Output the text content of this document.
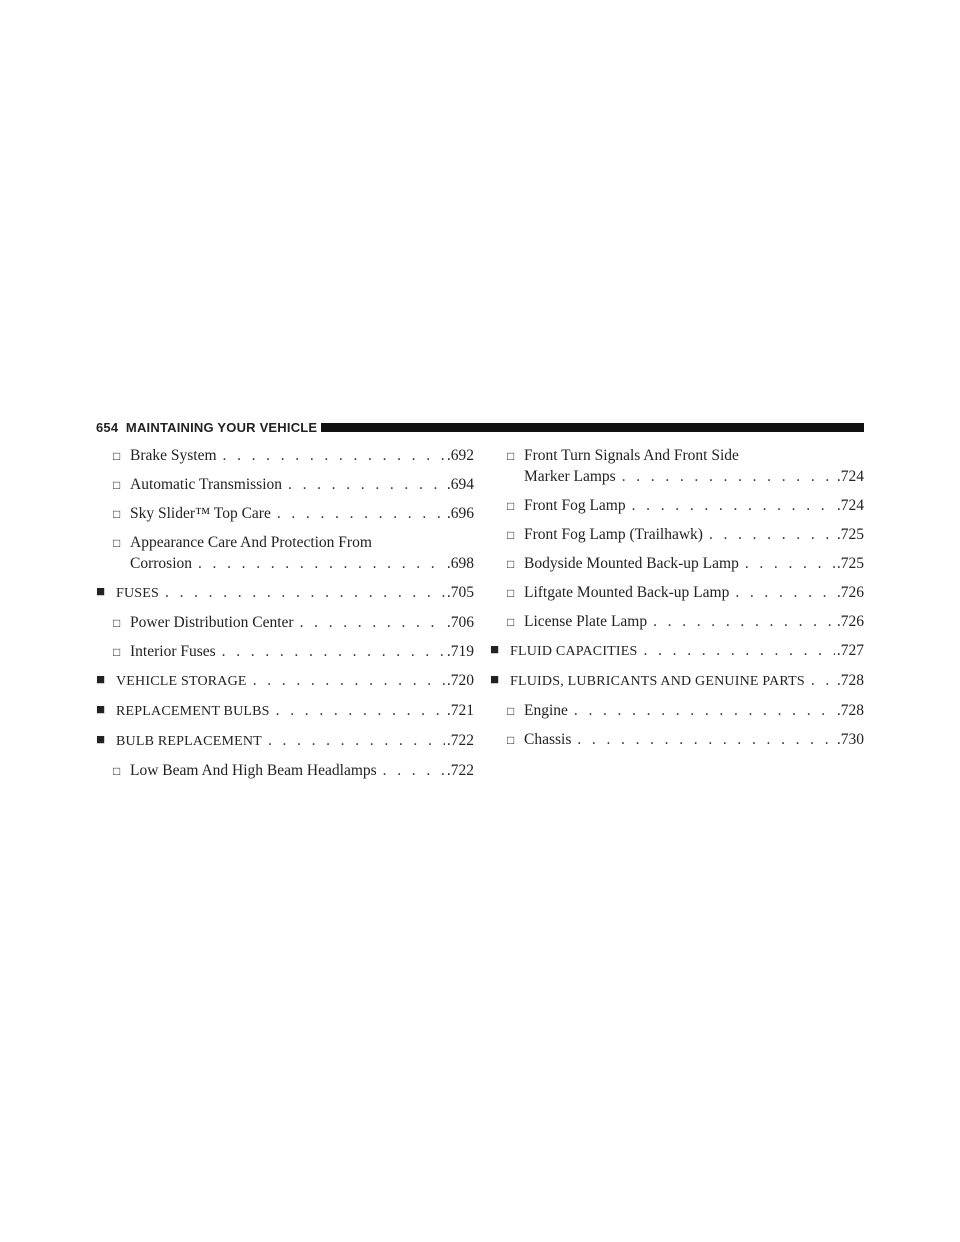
654 MAINTAINING YOUR VEHICLE
□ Brake System . . .	.692
□ Automatic Transmission . . .	.694
□ Sky Slider™ Top Care . . .	.696
□ Appearance Care And Protection From
Corrosion . . .	.698
■ FUSES . . .	.705
□ Power Distribution Center . . .	.706
□ Interior Fuses . . .	.719
■ VEHICLE STORAGE . . .	.720
■ REPLACEMENT BULBS . . .	.721
■ BULB REPLACEMENT . . .	.722
□ Low Beam And High Beam Headlamps . . .	.722
□ Front Turn Signals And Front Side
Marker Lamps . . .	.724
□ Front Fog Lamp . . .	.724
□ Front Fog Lamp (Trailhawk) . . .	.725
□ Bodyside Mounted Back-up Lamp . . .	.725
□ Liftgate Mounted Back-up Lamp . . .	.726
□ License Plate Lamp . . .	.726
■ FLUID CAPACITIES . . .	.727
■ FLUIDS, LUBRICANTS AND GENUINE PARTS . . . .728
□ Engine . . .	.728
□ Chassis . . .	.730
